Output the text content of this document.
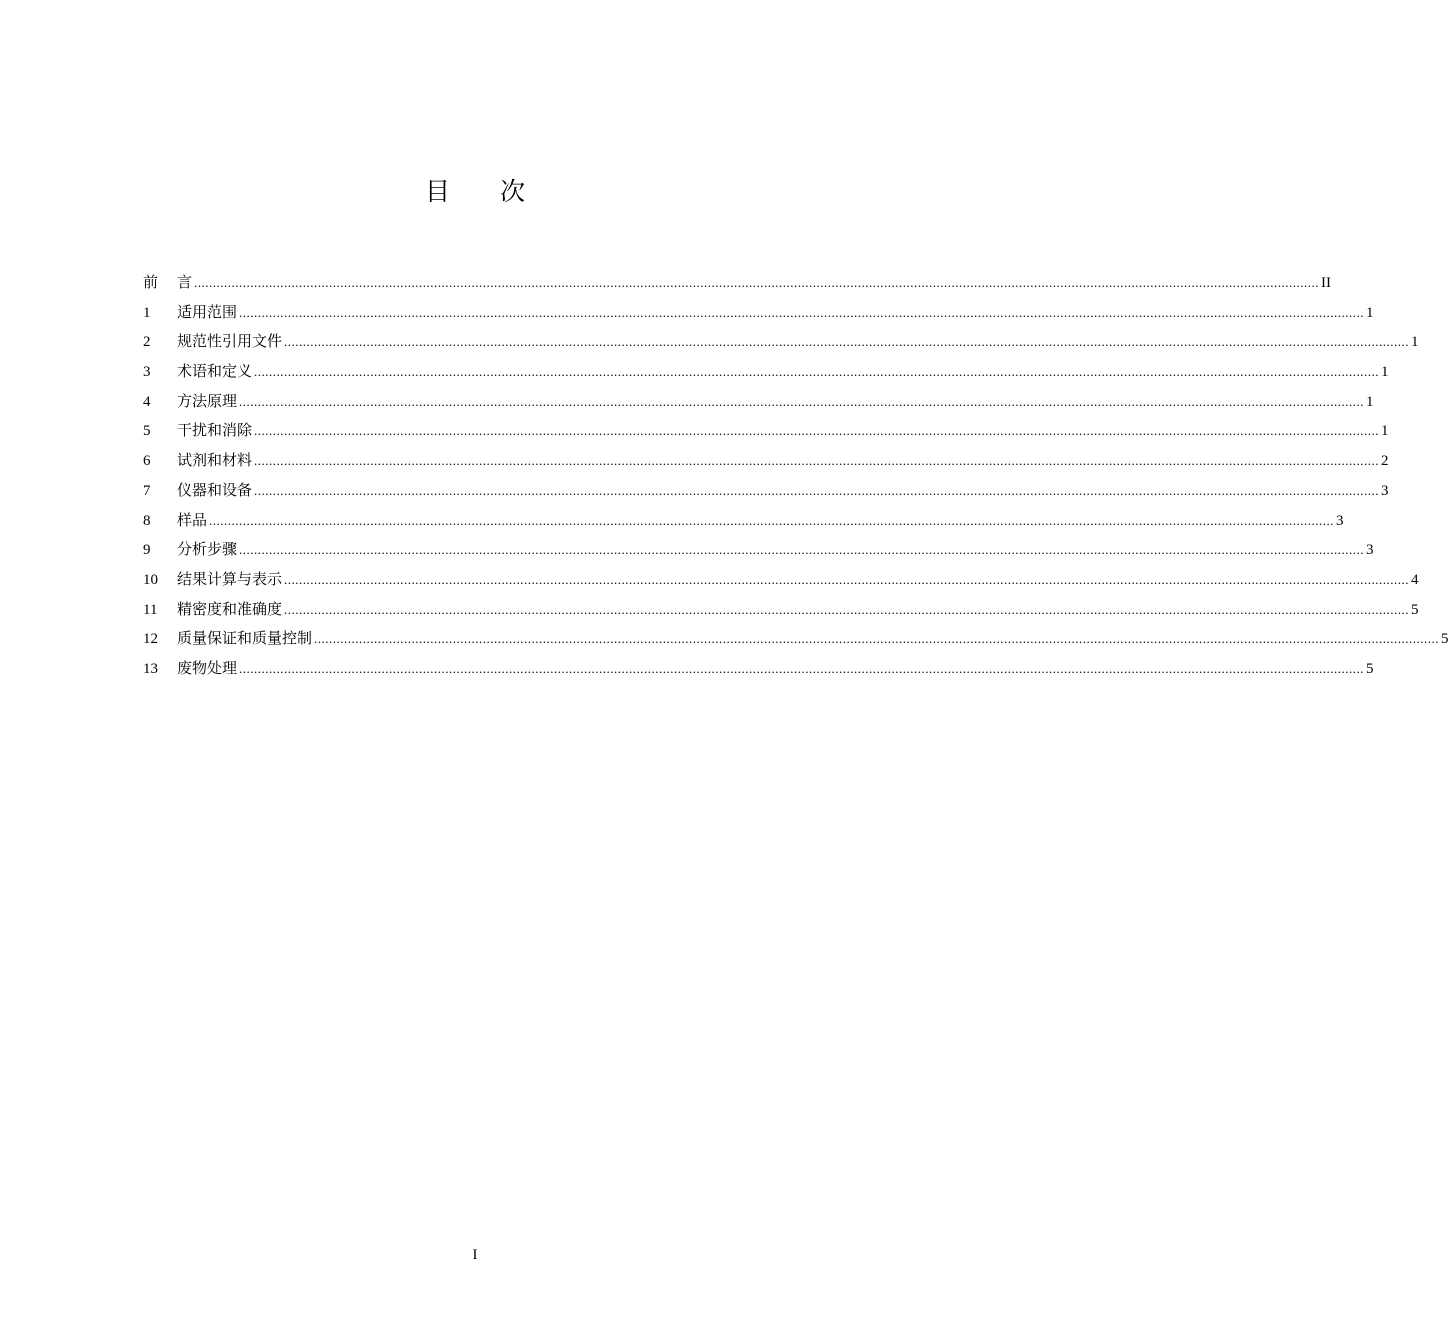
目 次
前 言 ............................................................................................................................................................................................................................................................................................................ II
1	适用范围 ............................................................................................................................................................................................................................................................................................................ 1
2	规范性引用文件 ............................................................................................................................................................................................................................................................................................................ 1
3	术语和定义 ............................................................................................................................................................................................................................................................................................................ 1
4	方法原理 ............................................................................................................................................................................................................................................................................................................ 1
5	干扰和消除 ............................................................................................................................................................................................................................................................................................................ 1
6	试剂和材料 ............................................................................................................................................................................................................................................................................................................ 2
7	仪器和设备 ............................................................................................................................................................................................................................................................................................................ 3
8	样品 ............................................................................................................................................................................................................................................................................................................ 3
9	分析步骤 ............................................................................................................................................................................................................................................................................................................ 3
10	结果计算与表示 ............................................................................................................................................................................................................................................................................................................ 4
11	精密度和准确度 ............................................................................................................................................................................................................................................................................................................ 5
12	质量保证和质量控制 ............................................................................................................................................................................................................................................................................................................ 5
13	废物处理 ............................................................................................................................................................................................................................................................................................................ 5
I
